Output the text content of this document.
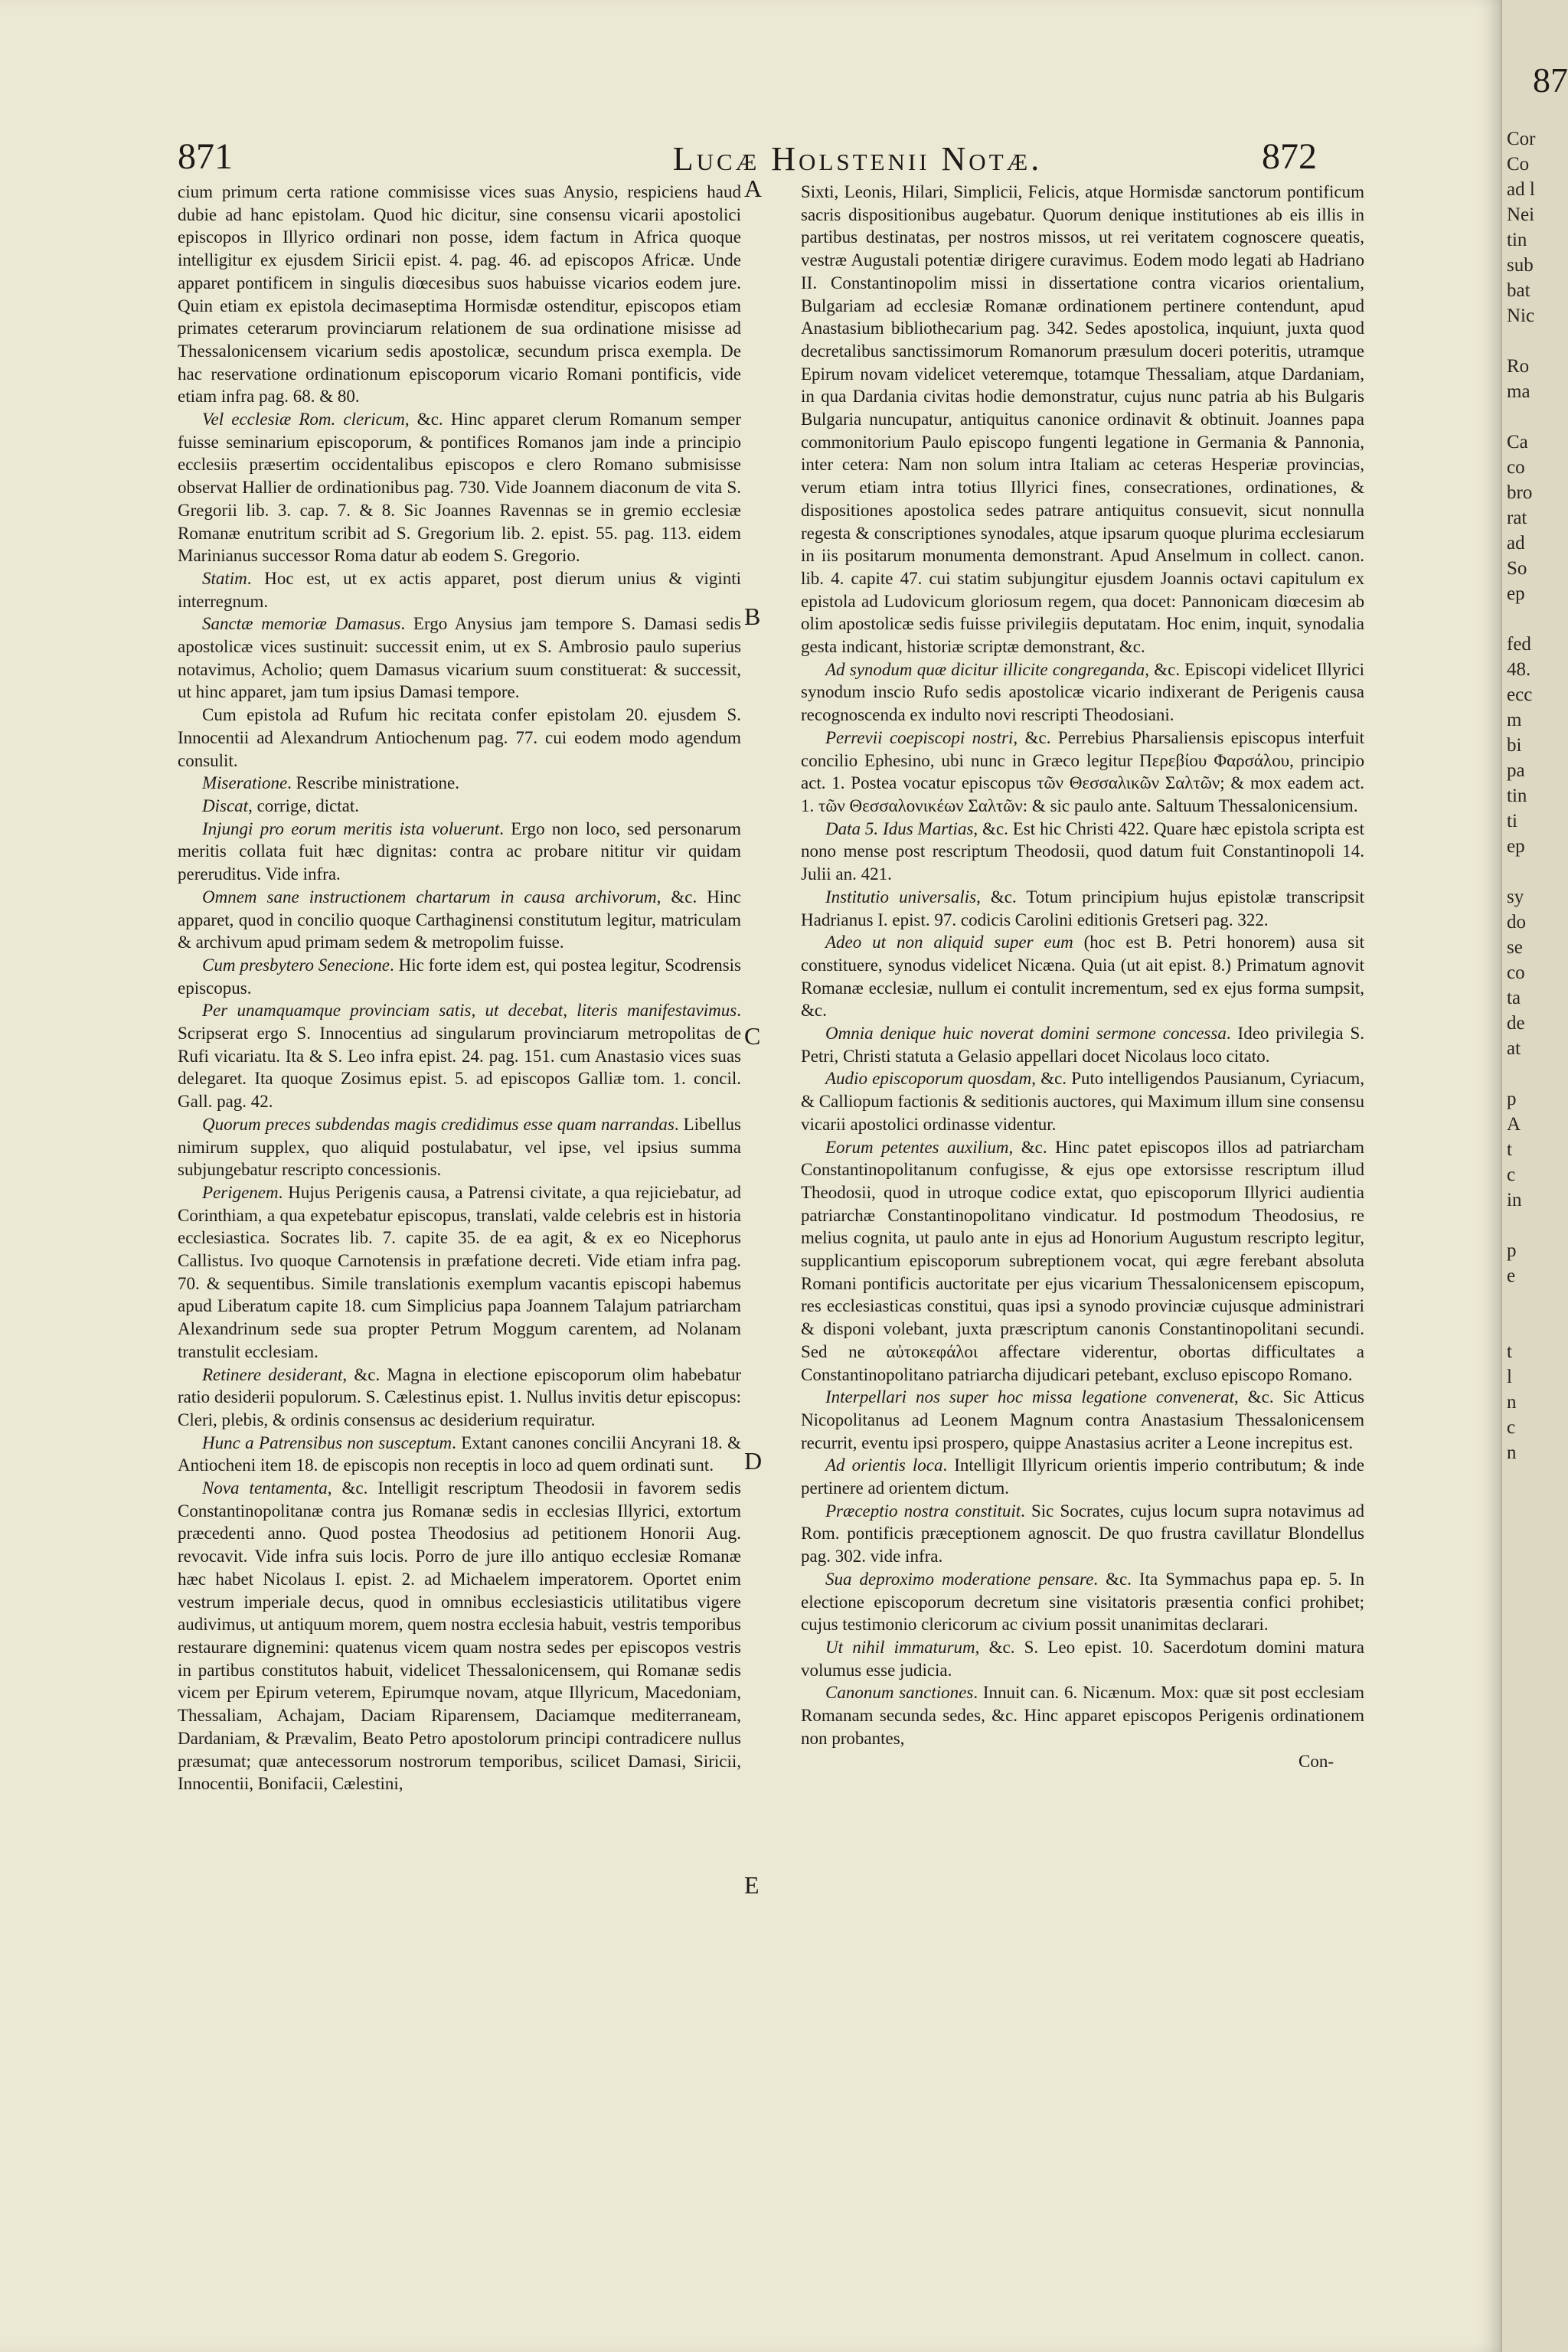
871	Lucæ Holstenii Notæ.	872

cium primum certa ratione commisisse vices suas Anysio, respiciens haud dubie ad hanc epistolam. Quod hic dicitur, sine consensu vicarii apostolici episcopos in Illyrico ordinari non posse, idem factum in Africa quoque intelligitur ex ejusdem Siricii epist. 4. pag. 46. ad episcopos Africæ. Unde apparet pontificem in singulis diœcesibus suos habuisse vicarios eodem jure. Quin etiam ex epistola decimaseptima Hormisdæ ostenditur, episcopos etiam primates ceterarum provinciarum relationem de sua ordinatione misisse ad Thessalonicensem vicarium sedis apostolicæ, secundum prisca exempla. De hac reservatione ordinationum episcoporum vicario Romani pontificis, vide etiam infra pag. 68. & 80.

Vel ecclesiæ Rom. clericum, &c. Hinc apparet clerum Romanum semper fuisse seminarium episcoporum, & pontifices Romanos jam inde a principio ecclesiis præsertim occidentalibus episcopos e clero Romano submisisse observat Hallier de ordinationibus pag. 730. Vide Joannem diaconum de vita S. Gregorii lib. 3. cap. 7. & 8. Sic Joannes Ravennas se in gremio ecclesiæ Romanæ enutritum scribit ad S. Gregorium lib. 2. epist. 55. pag. 113. eidem Marinianus successor Roma datur ab eodem S. Gregorio.

Statim. Hoc est, ut ex actis apparet, post dierum unius & viginti interregnum.

Sanctæ memoriæ Damasus. Ergo Anysius jam tempore S. Damasi sedis apostolicæ vices sustinuit: successit enim, ut ex S. Ambrosio paulo superius notavimus, Acholio; quem Damasus vicarium suum constituerat: & successit, ut hinc apparet, jam tum ipsius Damasi tempore.

Cum epistola ad Rufum hic recitata confer epistolam 20. ejusdem S. Innocentii ad Alexandrum Antiochenum pag. 77. cui eodem modo agendum consulit.

Miseratione. Rescribe ministratione.

Discat, corrige, dictat.

Injungi pro eorum meritis ista voluerunt. Ergo non loco, sed personarum meritis collata fuit hæc dignitas: contra ac probare nititur vir quidam pereruditus. Vide infra.

Omnem sane instructionem chartarum in causa archivorum, &c. Hinc apparet, quod in concilio quoque Carthaginensi constitutum legitur, matriculam & archivum apud primam sedem & metropolim fuisse.

Cum presbytero Senecione. Hic forte idem est, qui postea legitur, Scodrensis episcopus.

Per unamquamque provinciam satis, ut decebat, literis manifestavimus. Scripserat ergo S. Innocentius ad singularum provinciarum metropolitas de Rufi vicariatu. Ita & S. Leo infra epist. 24. pag. 151. cum Anastasio vices suas delegaret. Ita quoque Zosimus epist. 5. ad episcopos Galliæ tom. 1. concil. Gall. pag. 42.

Quorum preces subdendas magis credidimus esse quam narrandas. Libellus nimirum supplex, quo aliquid postulabatur, vel ipse, vel ipsius summa subjungebatur rescripto concessionis.

Perigenem. Hujus Perigenis causa, a Patrensi civitate, a qua rejiciebatur, ad Corinthiam, a qua expetebatur episcopus, translati, valde celebris est in historia ecclesiastica. Socrates lib. 7. capite 35. de ea agit, & ex eo Nicephorus Callistus. Ivo quoque Carnotensis in præfatione decreti. Vide etiam infra pag. 70. & sequentibus. Simile translationis exemplum vacantis episcopi habemus apud Liberatum capite 18. cum Simplicius papa Joannem Talajum patriarcham Alexandrinum sede sua propter Petrum Moggum carentem, ad Nolanam transtulit ecclesiam.

Retinere desiderant, &c. Magna in electione episcoporum olim habebatur ratio desiderii populorum. S. Cælestinus epist. 1. Nullus invitis detur episcopus: Cleri, plebis, & ordinis consensus ac desiderium requiratur.

Hunc a Patrensibus non susceptum. Extant canones concilii Ancyrani 18. & Antiocheni item 18. de episcopis non receptis in loco ad quem ordinati sunt.

Nova tentamenta, &c. Intelligit rescriptum Theodosii in favorem sedis Constantinopolitanæ contra jus Romanæ sedis in ecclesias Illyrici, extortum præcedenti anno. Quod postea Theodosius ad petitionem Honorii Aug. revocavit. Vide infra suis locis. Porro de jure illo antiquo ecclesiæ Romanæ hæc habet Nicolaus I. epist. 2. ad Michaelem imperatorem. Oportet enim vestrum imperiale decus, quod in omnibus ecclesiasticis utilitatibus vigere audivimus, ut antiquum morem, quem nostra ecclesia habuit, vestris temporibus restaurare dignemini: quatenus vicem quam nostra sedes per episcopos vestris in partibus constitutos habuit, videlicet Thessalonicensem, qui Romanæ sedis vicem per Epirum veterem, Epirumque novam, atque Illyricum, Macedoniam, Thessaliam, Achajam, Daciam Riparensem, Daciamque mediterraneam, Dardaniam, & Prævalim, Beato Petro apostolorum principi contradicere nullus præsumat; quæ antecessorum nostrorum temporibus, scilicet Damasi, Siricii, Innocentii, Bonifacii, Cælestini,

Sixti, Leonis, Hilari, Simplicii, Felicis, atque Hormisdæ sanctorum pontificum sacris dispositionibus augebatur. Quorum denique institutiones ab eis illis in partibus destinatas, per nostros missos, ut rei veritatem cognoscere queatis, vestræ Augustali potentiæ dirigere curavimus. Eodem modo legati ab Hadriano II. Constantinopolim missi in dissertatione contra vicarios orientalium, Bulgariam ad ecclesiæ Romanæ ordinationem pertinere contendunt, apud Anastasium bibliothecarium pag. 342. Sedes apostolica, inquiunt, juxta quod decretalibus sanctissimorum Romanorum præsulum doceri poteritis, utramque Epirum novam videlicet veteremque, totamque Thessaliam, atque Dardaniam, in qua Dardania civitas hodie demonstratur, cujus nunc patria ab his Bulgaris Bulgaria nuncupatur, antiquitus canonice ordinavit & obtinuit. Joannes papa commonitorium Paulo episcopo fungenti legatione in Germania & Pannonia, inter cetera: Nam non solum intra Italiam ac ceteras Hesperiæ provincias, verum etiam intra totius Illyrici fines, consecrationes, ordinationes, & dispositiones apostolica sedes patrare antiquitus consuevit, sicut nonnulla regesta & conscriptiones synodales, atque ipsarum quoque plurima ecclesiarum in iis positarum monumenta demonstrant. Apud Anselmum in collect. canon. lib. 4. capite 47. cui statim subjungitur ejusdem Joannis octavi capitulum ex epistola ad Ludovicum gloriosum regem, qua docet: Pannonicam diœcesim ab olim apostolicæ sedis fuisse privilegiis deputatam. Hoc enim, inquit, synodalia gesta indicant, historiæ scriptæ demonstrant, &c.

Ad synodum quæ dicitur illicite congreganda, &c. Episcopi videlicet Illyrici synodum inscio Rufo sedis apostolicæ vicario indixerant de Perigenis causa recognoscenda ex indulto novi rescripti Theodosiani.

Perrevii coepiscopi nostri, &c. Perrebius Pharsaliensis episcopus interfuit concilio Ephesino, ubi nunc in Græco legitur Περεβίου Φαρσάλου, principio act. 1. Postea vocatur episcopus τῶν Θεσσαλικῶν Σαλτῶν; & mox eadem act. 1. τῶν Θεσσαλονικέων Σαλτῶν: & sic paulo ante. Saltuum Thessalonicensium.

Data 5. Idus Martias, &c. Est hic Christi 422. Quare hæc epistola scripta est nono mense post rescriptum Theodosii, quod datum fuit Constantinopoli 14. Julii an. 421.

Institutio universalis, &c. Totum principium hujus epistolæ transcripsit Hadrianus I. epist. 97. codicis Carolini editionis Gretseri pag. 322.

Adeo ut non aliquid super eum (hoc est B. Petri honorem) ausa sit constituere, synodus videlicet Nicæna. Quia (ut ait epist. 8.) Primatum agnovit Romanæ ecclesiæ, nullum ei contulit incrementum, sed ex ejus forma sumpsit, &c.

Omnia denique huic noverat domini sermone concessa. Ideo privilegia S. Petri, Christi statuta a Gelasio appellari docet Nicolaus loco citato.

Audio episcoporum quosdam, &c. Puto intelligendos Pausianum, Cyriacum, & Calliopum factionis & seditionis auctores, qui Maximum illum sine consensu vicarii apostolici ordinasse videntur.

Eorum petentes auxilium, &c. Hinc patet episcopos illos ad patriarcham Constantinopolitanum confugisse, & ejus ope extorsisse rescriptum illud Theodosii, quod in utroque codice extat, quo episcoporum Illyrici audientia patriarchæ Constantinopolitano vindicatur. Id postmodum Theodosius, re melius cognita, ut paulo ante in ejus ad Honorium Augustum rescripto legitur, supplicantium episcoporum subreptionem vocat, qui ægre ferebant absoluta Romani pontificis auctoritate per ejus vicarium Thessalonicensem episcopum, res ecclesiasticas constitui, quas ipsi a synodo provinciæ cujusque administrari & disponi volebant, juxta præscriptum canonis Constantinopolitani secundi. Sed ne αὐτοκεφάλοι affectare viderentur, obortas difficultates a Constantinopolitano patriarcha dijudicari petebant, excluso episcopo Romano.

Interpellari nos super hoc missa legatione convenerat, &c. Sic Atticus Nicopolitanus ad Leonem Magnum contra Anastasium Thessalonicensem recurrit, eventu ipsi prospero, quippe Anastasius acriter a Leone increpitus est.

Ad orientis loca. Intelligit Illyricum orientis imperio contributum; & inde pertinere ad orientem dictum.

Præceptio nostra constituit. Sic Socrates, cujus locum supra notavimus ad Rom. pontificis præceptionem agnoscit. De quo frustra cavillatur Blondellus pag. 302. vide infra.

Sua deproximo moderatione pensare. &c. Ita Symmachus papa ep. 5. In electione episcoporum decretum sine visitatoris præsentia confici prohibet; cujus testimonio clericorum ac civium possit unanimitas declarari.

Ut nihil immaturum, &c. S. Leo epist. 10. Sacerdotum domini matura volumus esse judicia.

Canonum sanctiones. Innuit can. 6. Nicænum. Mox: quæ sit post ecclesiam Romanam secunda sedes, &c. Hinc apparet episcopos Perigenis ordinationem non probantes,

Con-
A
B
C
D
E
87
Cor
Co
ad l
Nei
tin
sub
bat
Nic
Ro
ma
Ca
co
bro
rat
ad
So
ep
fed
48.
ecc
m
bi
pa
tin
ti
ep
sy
do
se
co
ta
de
at
p
A
t
c
in
p
e
t
l
n
c
n
